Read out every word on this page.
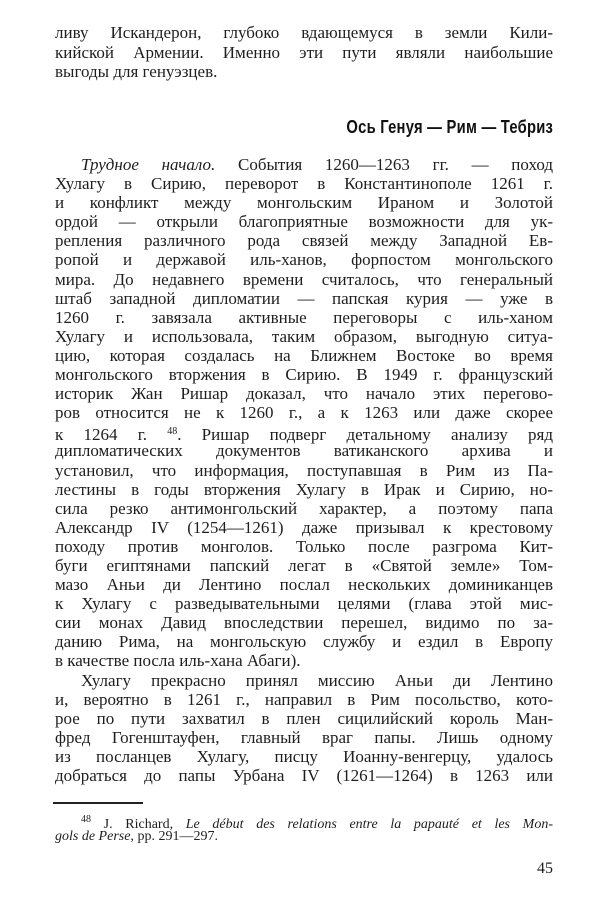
ливу Искандерон, глубоко вдающемуся в земли Кили-
кийской Армении. Именно эти пути являли наибольшие
выгоды для генуэзцев.
Ось Генуя — Рим — Тебриз
Трудное начало. События 1260—1263 гг. — поход
Хулагу в Сирию, переворот в Константинополе 1261 г.
и конфликт между монгольским Ираном и Золотой
ордой — открыли благоприятные возможности для ук-
репления различного рода связей между Западной Ев-
ропой и державой иль-ханов, форпостом монгольского
мира. До недавнего времени считалось, что генеральный
штаб западной дипломатии — папская курия — уже в
1260 г. завязала активные переговоры с иль-ханом
Хулагу и использовала, таким образом, выгодную ситуа-
цию, которая создалась на Ближнем Востоке во время
монгольского вторжения в Сирию. В 1949 г. французский
историк Жан Ришар доказал, что начало этих перегово-
ров относится не к 1260 г., а к 1263 или даже скорее
к 1264 г. $^{48}$. Ришар подверг детальному анализу ряд
дипломатических документов ватиканского архива и
установил, что информация, поступавшая в Рим из Па-
лестины в годы вторжения Хулагу в Ирак и Сирию, но-
сила резко антимонгольский характер, а поэтому папа
Александр IV (1254—1261) даже призывал к крестовому
походу против монголов. Только после разгрома Кит-
буги египтянами папский легат в «Святой земле» Том-
мазо Аньи ди Лентино послал нескольких доминиканцев
к Хулагу с разведывательными целями (глава этой мис-
сии монах Давид впоследствии перешел, видимо по за-
данию Рима, на монгольскую службу и ездил в Европу
в качестве посла иль-хана Абаги).
Хулагу прекрасно принял миссию Аньи ди Лентино
и, вероятно в 1261 г., направил в Рим посольство, кото-
рое по пути захватил в плен сицилийский король Ман-
фред Гогенштауфен, главный враг папы. Лишь одному
из посланцев Хулагу, писцу Иоанну-венгерцу, удалось
добраться до папы Урбана IV (1261—1264) в 1263 или
$^{48}$ J. Richard, Le début des relations entre la papauté et les Mon-
gols de Perse, pp. 291—297.
45
